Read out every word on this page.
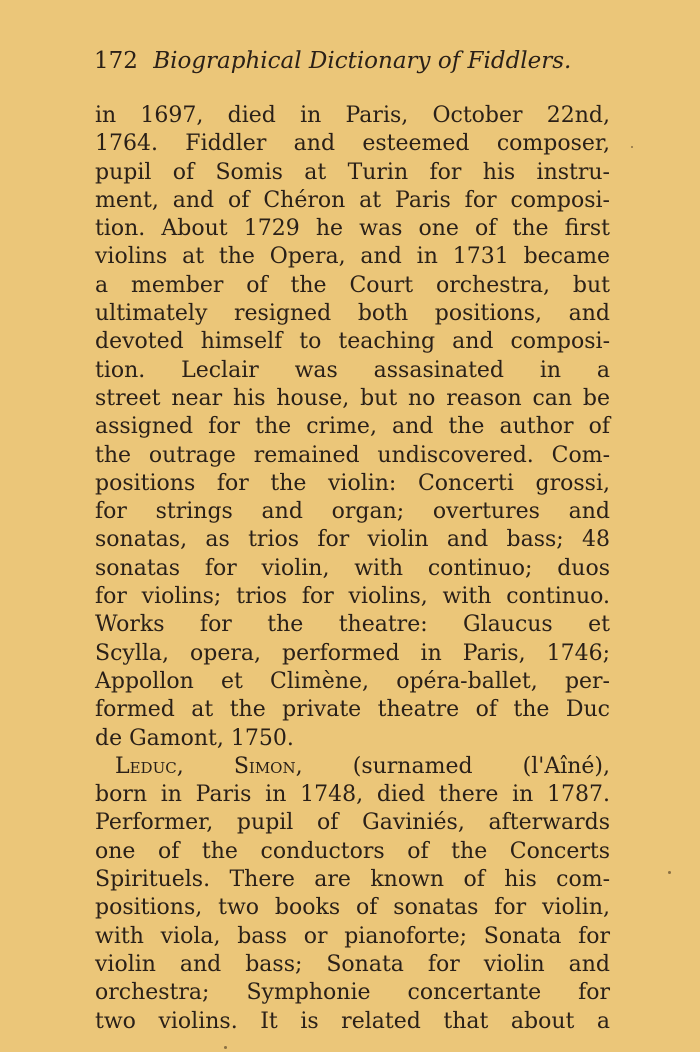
172 Biographical Dictionary of Fiddlers.
in 1697, died in Paris, October 22nd,
1764. Fiddler and esteemed composer,
pupil of Somis at Turin for his instru-
ment, and of Chéron at Paris for composi-
tion. About 1729 he was one of the first
violins at the Opera, and in 1731 became
a member of the Court orchestra, but
ultimately resigned both positions, and
devoted himself to teaching and composi-
tion. Leclair was assasinated in a
street near his house, but no reason can be
assigned for the crime, and the author of
the outrage remained undiscovered. Com-
positions for the violin: Concerti grossi,
for strings and organ; overtures and
sonatas, as trios for violin and bass; 48
sonatas for violin, with continuo; duos
for violins; trios for violins, with continuo.
Works for the theatre: Glaucus et
Scylla, opera, performed in Paris, 1746;
Appollon et Climène, opéra-ballet, per-
formed at the private theatre of the Duc
de Gamont, 1750.
Leduc, Simon, (surnamed (l'Aîné),
born in Paris in 1748, died there in 1787.
Performer, pupil of Gaviniés, afterwards
one of the conductors of the Concerts
Spirituels. There are known of his com-
positions, two books of sonatas for violin,
with viola, bass or pianoforte; Sonata for
violin and bass; Sonata for violin and
orchestra; Symphonie concertante for
two violins. It is related that about a
